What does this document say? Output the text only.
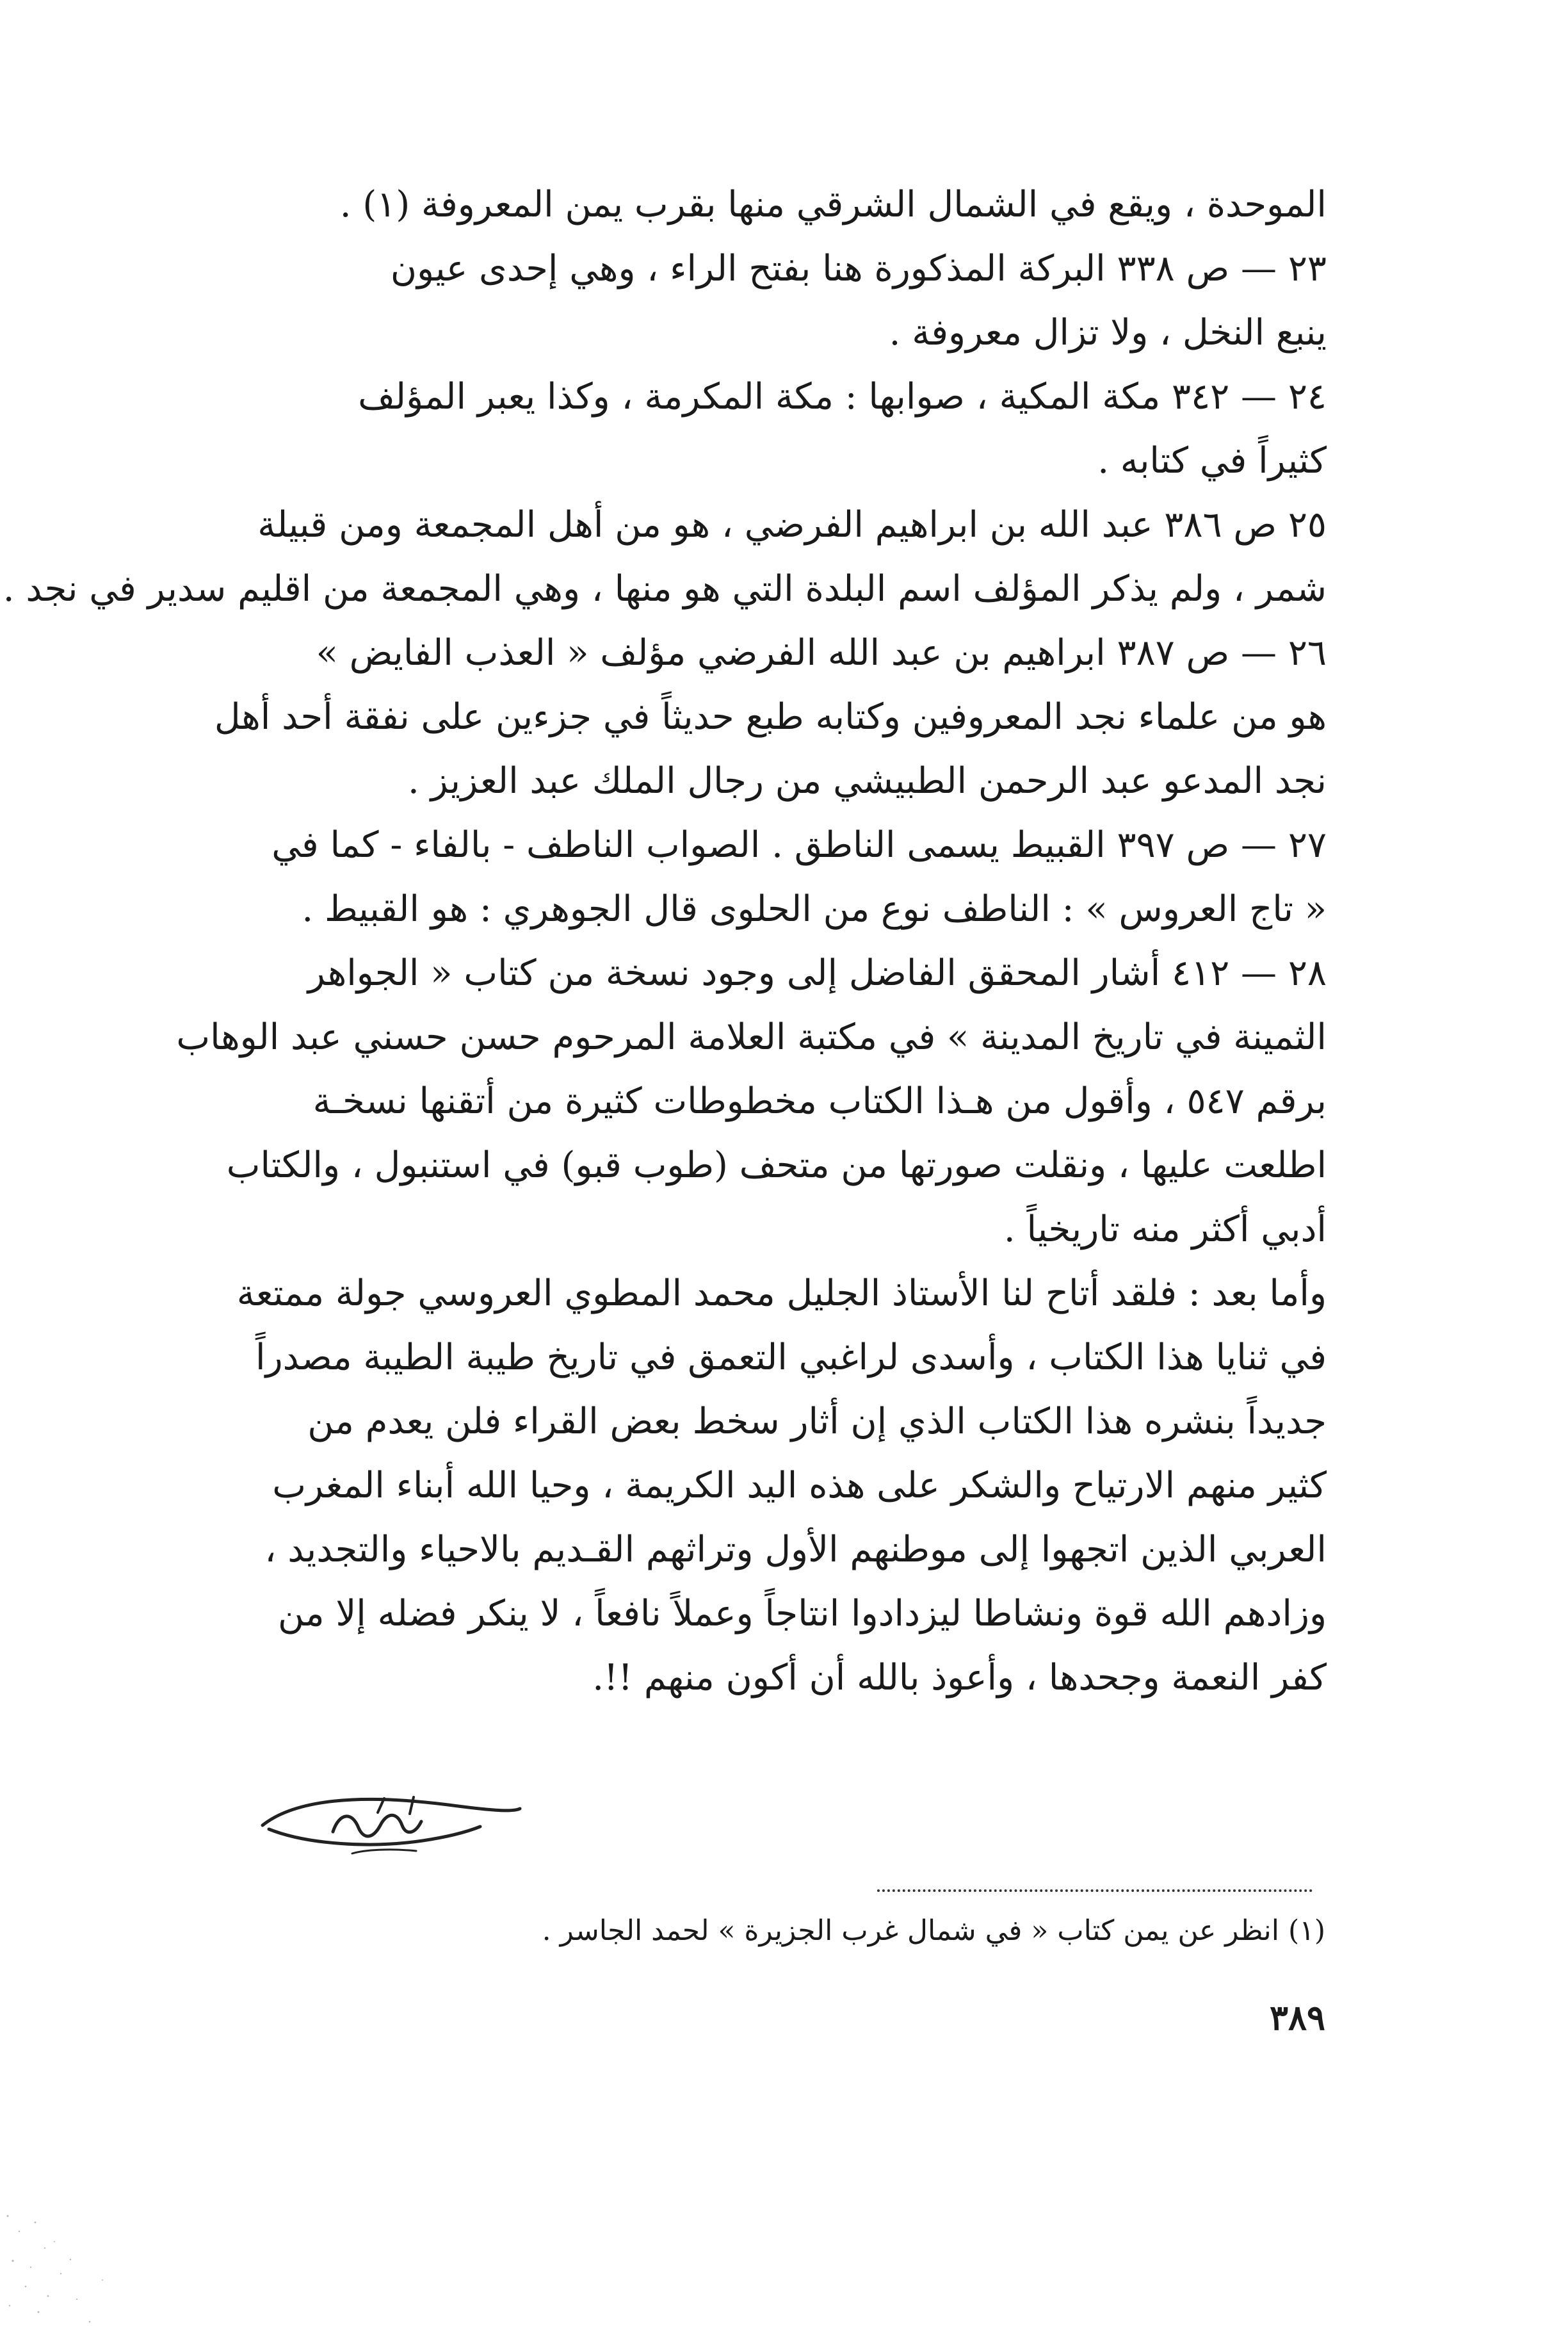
الموحدة ، ويقع في الشمال الشرقي منها بقرب يمن المعروفة (١) .
٢٣ — ص ٣٣٨ البركة المذكورة هنا بفتح الراء ، وهي إحدى عيون
ينبع النخل ، ولا تزال معروفة .
٢٤ — ٣٤٢ مكة المكية ، صوابها : مكة المكرمة ، وكذا يعبر المؤلف
كثيراً في كتابه .
٢٥ ص ٣٨٦ عبد الله بن ابراهيم الفرضي ، هو من أهل المجمعة ومن قبيلة
شمر ، ولم يذكر المؤلف اسم البلدة التي هو منها ، وهي المجمعة من اقليم سدير في نجد .
٢٦ — ص ٣٨٧ ابراهيم بن عبد الله الفرضي مؤلف « العذب الفايض »
هو من علماء نجد المعروفين وكتابه طبع حديثاً في جزءين على نفقة أحد أهل
نجد المدعو عبد الرحمن الطبيشي من رجال الملك عبد العزيز .
٢٧ — ص ٣٩٧ القبيط يسمى الناطق . الصواب الناطف - بالفاء - كما في
« تاج العروس » : الناطف نوع من الحلوى قال الجوهري : هو القبيط .
٢٨ — ٤١٢ أشار المحقق الفاضل إلى وجود نسخة من كتاب « الجواهر
الثمينة في تاريخ المدينة » في مكتبة العلامة المرحوم حسن حسني عبد الوهاب
برقم ٥٤٧ ، وأقول من هـذا الكتاب مخطوطات كثيرة من أتقنها نسخـة
اطلعت عليها ، ونقلت صورتها من متحف (طوب قبو) في استنبول ، والكتاب
أدبي أكثر منه تاريخياً .
وأما بعد : فلقد أتاح لنا الأستاذ الجليل محمد المطوي العروسي جولة ممتعة
في ثنايا هذا الكتاب ، وأسدى لراغبي التعمق في تاريخ طيبة الطيبة مصدراً
جديداً بنشره هذا الكتاب الذي إن أثار سخط بعض القراء فلن يعدم من
كثير منهم الارتياح والشكر على هذه اليد الكريمة ، وحيا الله أبناء المغرب
العربي الذين اتجهوا إلى موطنهم الأول وتراثهم القـديم بالاحياء والتجديد ،
وزادهم الله قوة ونشاطا ليزدادوا انتاجاً وعملاً نافعاً ، لا ينكر فضله إلا من
كفر النعمة وجحدها ، وأعوذ بالله أن أكون منهم !!.
(١) انظر عن يمن كتاب « في شمال غرب الجزيرة » لحمد الجاسر .
٣٨٩
